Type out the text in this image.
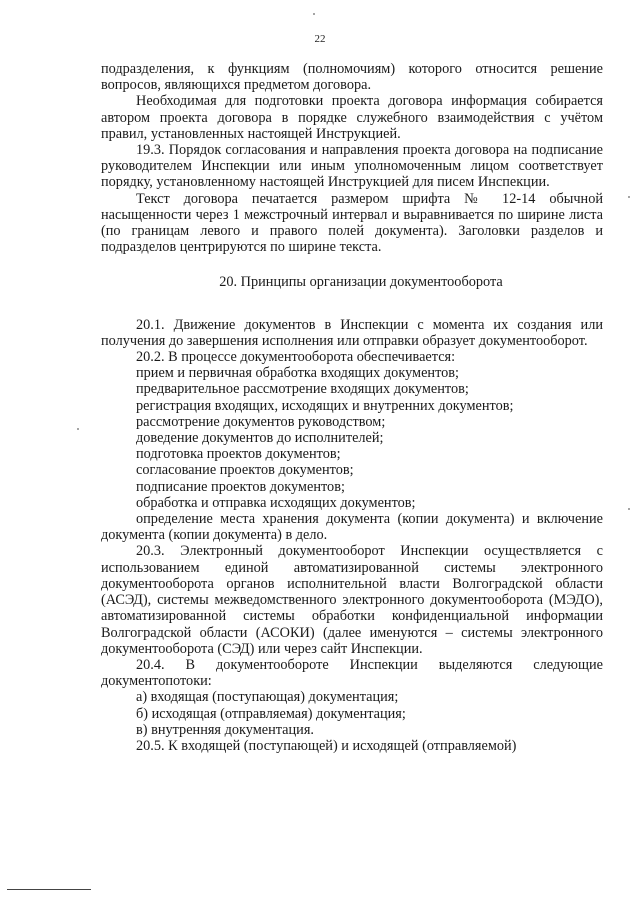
22

подразделения, к функциям (полномочиям) которого относится решение вопросов, являющихся предметом договора.

Необходимая для подготовки проекта договора информация собирается автором проекта договора в порядке служебного взаимодействия с учётом правил, установленных настоящей Инструкцией.

19.3. Порядок согласования и направления проекта договора на подписание руководителем Инспекции или иным уполномоченным лицом соответствует порядку, установленному настоящей Инструкцией для писем Инспекции.

Текст договора печатается размером шрифта № 12-14 обычной насыщенности через 1 межстрочный интервал и выравнивается по ширине листа (по границам левого и правого полей документа). Заголовки разделов и подразделов центрируются по ширине текста.

20. Принципы организации документооборота

20.1. Движение документов в Инспекции с момента их создания или получения до завершения исполнения или отправки образует документооборот.

20.2. В процессе документооборота обеспечивается:

прием и первичная обработка входящих документов;

предварительное рассмотрение входящих документов;

регистрация входящих, исходящих и внутренних документов;

рассмотрение документов руководством;

доведение документов до исполнителей;

подготовка проектов документов;

согласование проектов документов;

подписание проектов документов;

обработка и отправка исходящих документов;

определение места хранения документа (копии документа) и включение документа (копии документа) в дело.

20.3. Электронный документооборот Инспекции осуществляется с использованием единой автоматизированной системы электронного документооборота органов исполнительной власти Волгоградской области (АСЭД), системы межведомственного электронного документооборота (МЭДО), автоматизированной системы обработки конфиденциальной информации Волгоградской области (АСОКИ) (далее именуются – системы электронного документооборота (СЭД) или через сайт Инспекции.

20.4. В документообороте Инспекции выделяются следующие документопотоки:

а) входящая (поступающая) документация;

б) исходящая (отправляемая) документация;

в) внутренняя документация.

20.5. К входящей (поступающей) и исходящей (отправляемой)
